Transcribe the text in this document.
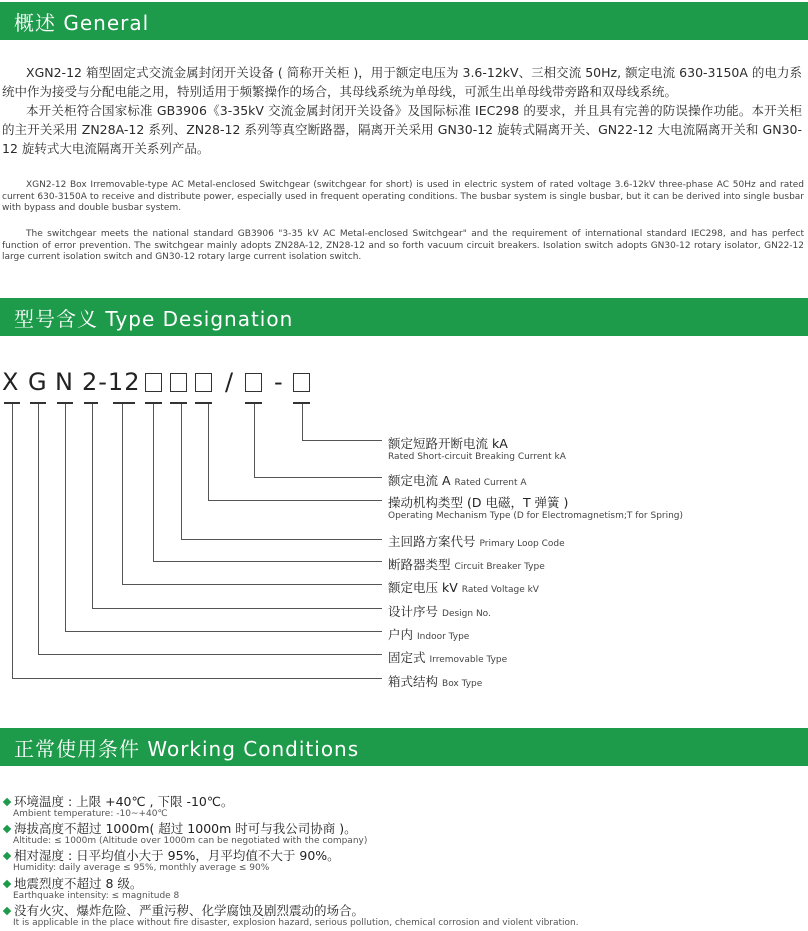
概述 General
XGN2-12 箱型固定式交流金属封闭开关设备 ( 简称开关柜 )，用于额定电压为 3.6-12kV、三相交流 50Hz, 额定电流 630-3150A 的电力系统中作为接受与分配电能之用，特别适用于频繁操作的场合，其母线系统为单母线，可派生出单母线带旁路和双母线系统。
本开关柜符合国家标准 GB3906《3-35kV 交流金属封闭开关设备》及国际标准 IEC298 的要求，并且具有完善的防误操作功能。本开关柜的主开关采用 ZN28A-12 系列、ZN28-12 系列等真空断路器，隔离开关采用 GN30-12 旋转式隔离开关、GN22-12 大电流隔离开关和 GN30-12 旋转式大电流隔离开关系列产品。
XGN2-12 Box Irremovable-type AC Metal-enclosed Switchgear (switchgear for short) is used in electric system of rated voltage 3.6-12kV three-phase AC 50Hz and rated current 630-3150A to receive and distribute power, especially used in frequent operating conditions. The busbar system is single busbar, but it can be derived into single busbar with bypass and double busbar system.
The switchgear meets the national standard GB3906 "3-35 kV AC Metal-enclosed Switchgear" and the requirement of international standard IEC298, and has perfect function of error prevention. The switchgear mainly adopts ZN28A-12, ZN28-12 and so forth vacuum circuit breakers. Isolation switch adopts GN30-12 rotary isolator, GN22-12 large current isolation switch and GN30-12 rotary large current isolation switch.
型号含义 Type Designation
X G N 2-12	/ -
额定短路开断电流 kA
Rated Short-circuit Breaking Current kA
额定电流 A Rated Current A
操动机构类型 (D 电磁，T 弹簧 )
Operating Mechanism Type (D for Electromagnetism;T for Spring)
主回路方案代号 Primary Loop Code
断路器类型 Circuit Breaker Type
额定电压 kV Rated Voltage kV
设计序号 Design No.
户内 Indoor Type
固定式 Irremovable Type
箱式结构 Box Type
正常使用条件 Working Conditions
环境温度 : 上限 +40℃ , 下限 -10℃。
Ambient temperature: -10~+40℃
海拔高度不超过 1000m( 超过 1000m 时可与我公司协商 )。
Altitude: ≤ 1000m (Altitude over 1000m can be negotiated with the company)
相对湿度 : 日平均值小大于 95%，月平均值不大于 90%。
Humidity: daily average ≤ 95%, monthly average ≤ 90%
地震烈度不超过 8 级。
Earthquake intensity: ≤ magnitude 8
没有火灾、爆炸危险、严重污秽、化学腐蚀及剧烈震动的场合。
It is applicable in the place without fire disaster, explosion hazard, serious pollution, chemical corrosion and violent vibration.
